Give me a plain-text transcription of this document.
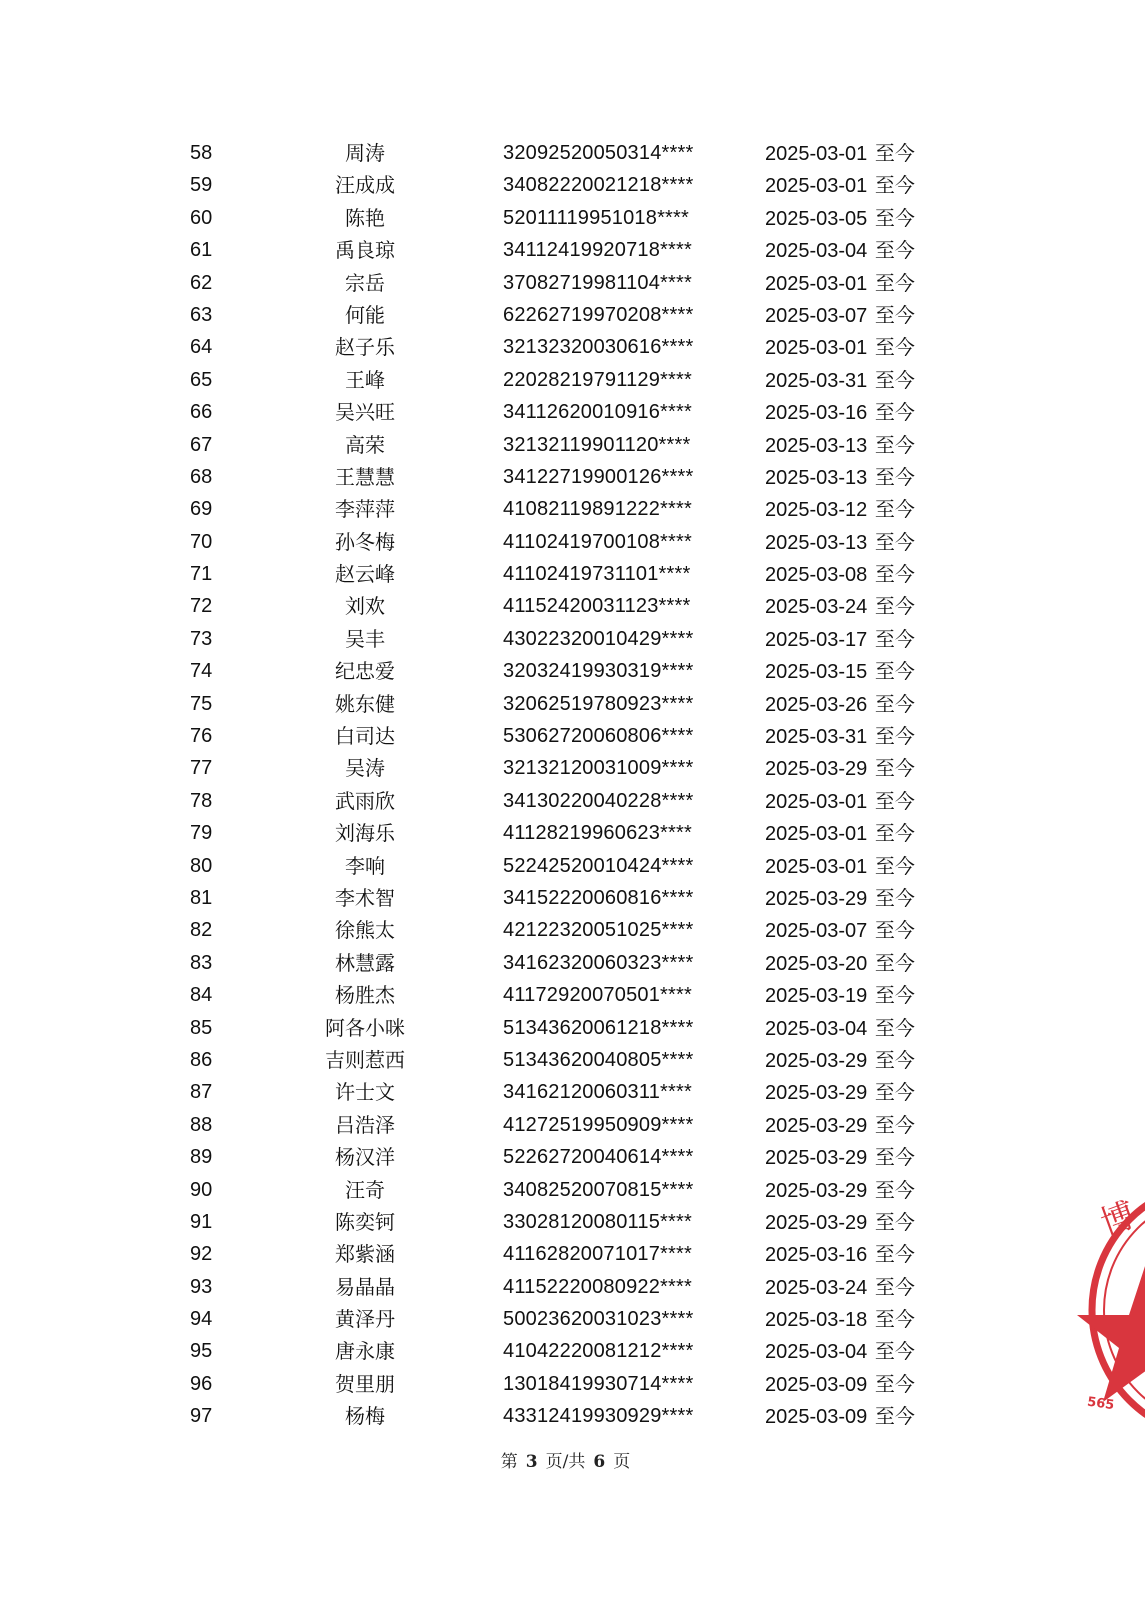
58	周涛	32092520050314****	2025-03-01 至今
59	汪成成	34082220021218****	2025-03-01 至今
60	陈艳	52011119951018****	2025-03-05 至今
61	禹良琼	34112419920718****	2025-03-04 至今
62	宗岳	37082719981104****	2025-03-01 至今
63	何能	62262719970208****	2025-03-07 至今
64	赵子乐	32132320030616****	2025-03-01 至今
65	王峰	22028219791129****	2025-03-31 至今
66	吴兴旺	34112620010916****	2025-03-16 至今
67	高荣	32132119901120****	2025-03-13 至今
68	王慧慧	34122719900126****	2025-03-13 至今
69	李萍萍	41082119891222****	2025-03-12 至今
70	孙冬梅	41102419700108****	2025-03-13 至今
71	赵云峰	41102419731101****	2025-03-08 至今
72	刘欢	41152420031123****	2025-03-24 至今
73	吴丰	43022320010429****	2025-03-17 至今
74	纪忠爱	32032419930319****	2025-03-15 至今
75	姚东健	32062519780923****	2025-03-26 至今
76	白司达	53062720060806****	2025-03-31 至今
77	吴涛	32132120031009****	2025-03-29 至今
78	武雨欣	34130220040228****	2025-03-01 至今
79	刘海乐	41128219960623****	2025-03-01 至今
80	李响	52242520010424****	2025-03-01 至今
81	李术智	34152220060816****	2025-03-29 至今
82	徐熊太	42122320051025****	2025-03-07 至今
83	林慧露	34162320060323****	2025-03-20 至今
84	杨胜杰	41172920070501****	2025-03-19 至今
85	阿各小咪	51343620061218****	2025-03-04 至今
86	吉则惹西	51343620040805****	2025-03-29 至今
87	许士文	34162120060311****	2025-03-29 至今
88	吕浩泽	41272519950909****	2025-03-29 至今
89	杨汉洋	52262720040614****	2025-03-29 至今
90	汪奇	34082520070815****	2025-03-29 至今
91	陈奕钶	33028120080115****	2025-03-29 至今
92	郑紫涵	41162820071017****	2025-03-16 至今
93	易晶晶	41152220080922****	2025-03-24 至今
94	黄泽丹	50023620031023****	2025-03-18 至今
95	唐永康	41042220081212****	2025-03-04 至今
96	贺里朋	13018419930714****	2025-03-09 至今
97	杨梅	43312419930929****	2025-03-09 至今
第 3 页/共 6 页
博
565
